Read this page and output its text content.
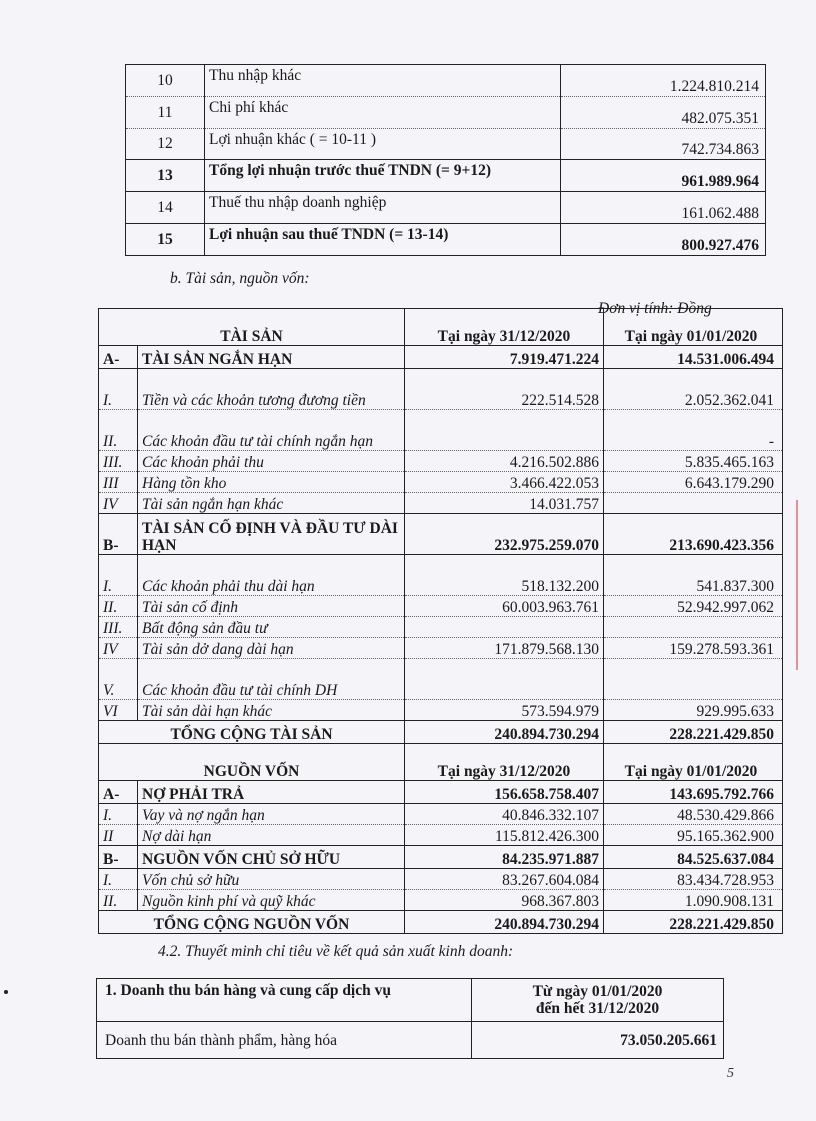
10	Thu nhập khác	1.224.810.214
11	Chi phí khác	482.075.351
12	Lợi nhuận khác ( = 10-11 )	742.734.863
13	Tổng lợi nhuận trước thuế TNDN (= 9+12)	961.989.964
14	Thuế thu nhập doanh nghiệp	161.062.488
15	Lợi nhuận sau thuế TNDN (= 13-14)	800.927.476
b. Tài sản, nguồn vốn:
Đơn vị tính: Đồng
TÀI SẢN		Tại ngày 31/12/2020	Tại ngày 01/01/2020
A-	TÀI SẢN NGẮN HẠN	7.919.471.224	14.531.006.494
I.	Tiền và các khoản tương đương tiền	222.514.528	2.052.362.041
II.	Các khoản đầu tư tài chính ngắn hạn		-
III.	Các khoản phải thu	4.216.502.886	5.835.465.163
III	Hàng tồn kho	3.466.422.053	6.643.179.290
IV	Tài sản ngắn hạn khác	14.031.757	
B-	TÀI SẢN CỐ ĐỊNH VÀ ĐẦU TƯ DÀI HẠN	232.975.259.070	213.690.423.356
I.	Các khoản phải thu dài hạn	518.132.200	541.837.300
II.	Tài sản cố định	60.003.963.761	52.942.997.062
III.	Bất động sản đầu tư		
IV	Tài sản dở dang dài hạn	171.879.568.130	159.278.593.361
V.	Các khoản đầu tư tài chính DH		
VI	Tài sản dài hạn khác	573.594.979	929.995.633
TỔNG CỘNG TÀI SẢN		240.894.730.294	228.221.429.850
NGUỒN VỐN		Tại ngày 31/12/2020	Tại ngày 01/01/2020
A-	NỢ PHẢI TRẢ	156.658.758.407	143.695.792.766
I.	Vay và nợ ngắn hạn	40.846.332.107	48.530.429.866
II	Nợ dài hạn	115.812.426.300	95.165.362.900
B-	NGUỒN VỐN CHỦ SỞ HỮU	84.235.971.887	84.525.637.084
I.	Vốn chủ sở hữu	83.267.604.084	83.434.728.953
II.	Nguồn kinh phí và quỹ khác	968.367.803	1.090.908.131
TỔNG CỘNG NGUỒN VỐN		240.894.730.294	228.221.429.850
4.2. Thuyết minh chỉ tiêu về kết quả sản xuất kinh doanh:
1. Doanh thu bán hàng và cung cấp dịch vụ	Từ ngày 01/01/2020
đến hết 31/12/2020

Doanh thu bán thành phẩm, hàng hóa	73.050.205.661
5
